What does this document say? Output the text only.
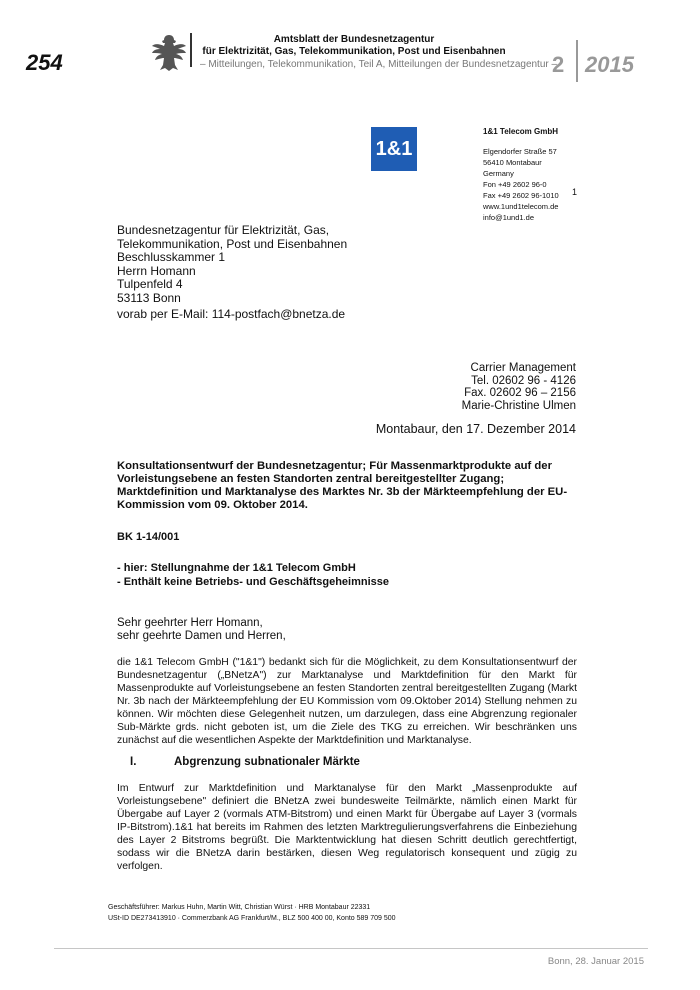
254
Amtsblatt der Bundesnetzagentur
für Elektrizität, Gas, Telekommunikation, Post und Eisenbahnen
– Mitteilungen, Telekommunikation, Teil A, Mitteilungen der Bundesnetzagentur –
2 2015
1&1
1&1 Telecom GmbH
Elgendorfer Straße 57
56410 Montabaur
Germany
Fon +49 2602 96-0
Fax +49 2602 96-1010
www.1und1telecom.de
info@1und1.de
1
Bundesnetzagentur für Elektrizität, Gas,
Telekommunikation, Post und Eisenbahnen
Beschlusskammer 1
Herrn Homann
Tulpenfeld 4
53113 Bonn
vorab per E-Mail: 114-postfach@bnetza.de
Carrier Management
Tel. 02602 96 - 4126
Fax. 02602 96 – 2156
Marie-Christine Ulmen
Montabaur, den 17. Dezember 2014
Konsultationsentwurf der Bundesnetzagentur; Für Massenmarktprodukte auf der Vorleistungsebene an festen Standorten zentral bereitgestellter Zugang; Marktdefinition und Marktanalyse des Marktes Nr. 3b der Märkteempfehlung der EU-Kommission vom 09. Oktober 2014.
BK 1-14/001
- hier: Stellungnahme der 1&1 Telecom GmbH
- Enthält keine Betriebs- und Geschäftsgeheimnisse
Sehr geehrter Herr Homann,
sehr geehrte Damen und Herren,
die 1&1 Telecom GmbH ("1&1") bedankt sich für die Möglichkeit, zu dem Konsultationsentwurf der Bundesnetzagentur („BNetzA") zur Marktanalyse und Marktdefinition für den Markt für Massenprodukte auf Vorleistungsebene an festen Standorten zentral bereitgestellten Zugang (Markt Nr. 3b nach der Märkteempfehlung der EU Kommission vom 09.Oktober 2014) Stellung nehmen zu können. Wir möchten diese Gelegenheit nutzen, um darzulegen, dass eine Abgrenzung regionaler Sub-Märkte grds. nicht geboten ist, um die Ziele des TKG zu erreichen. Wir beschränken uns zunächst auf die wesentlichen Aspekte der Marktdefinition und Marktanalyse.
I.	Abgrenzung subnationaler Märkte
Im Entwurf zur Marktdefinition und Marktanalyse für den Markt „Massenprodukte auf Vorleistungsebene" definiert die BNetzA zwei bundesweite Teilmärkte, nämlich einen Markt für Übergabe auf Layer 2 (vormals ATM-Bitstrom) und einen Markt für Übergabe auf Layer 3 (vormals IP-Bitstrom).1&1 hat bereits im Rahmen des letzten Marktregulierungsverfahrens die Einbeziehung des Layer 2 Bitstroms begrüßt. Die Marktentwicklung hat diesen Schritt deutlich gerechtfertigt, sodass wir die BNetzA darin bestärken, diesen Weg regulatorisch konsequent und zügig zu verfolgen.
Geschäftsführer: Markus Huhn, Martin Witt, Christian Würst · HRB Montabaur 22331
USt-ID DE273413910 · Commerzbank AG Frankfurt/M., BLZ 500 400 00, Konto 589 709 500
Bonn, 28. Januar 2015
